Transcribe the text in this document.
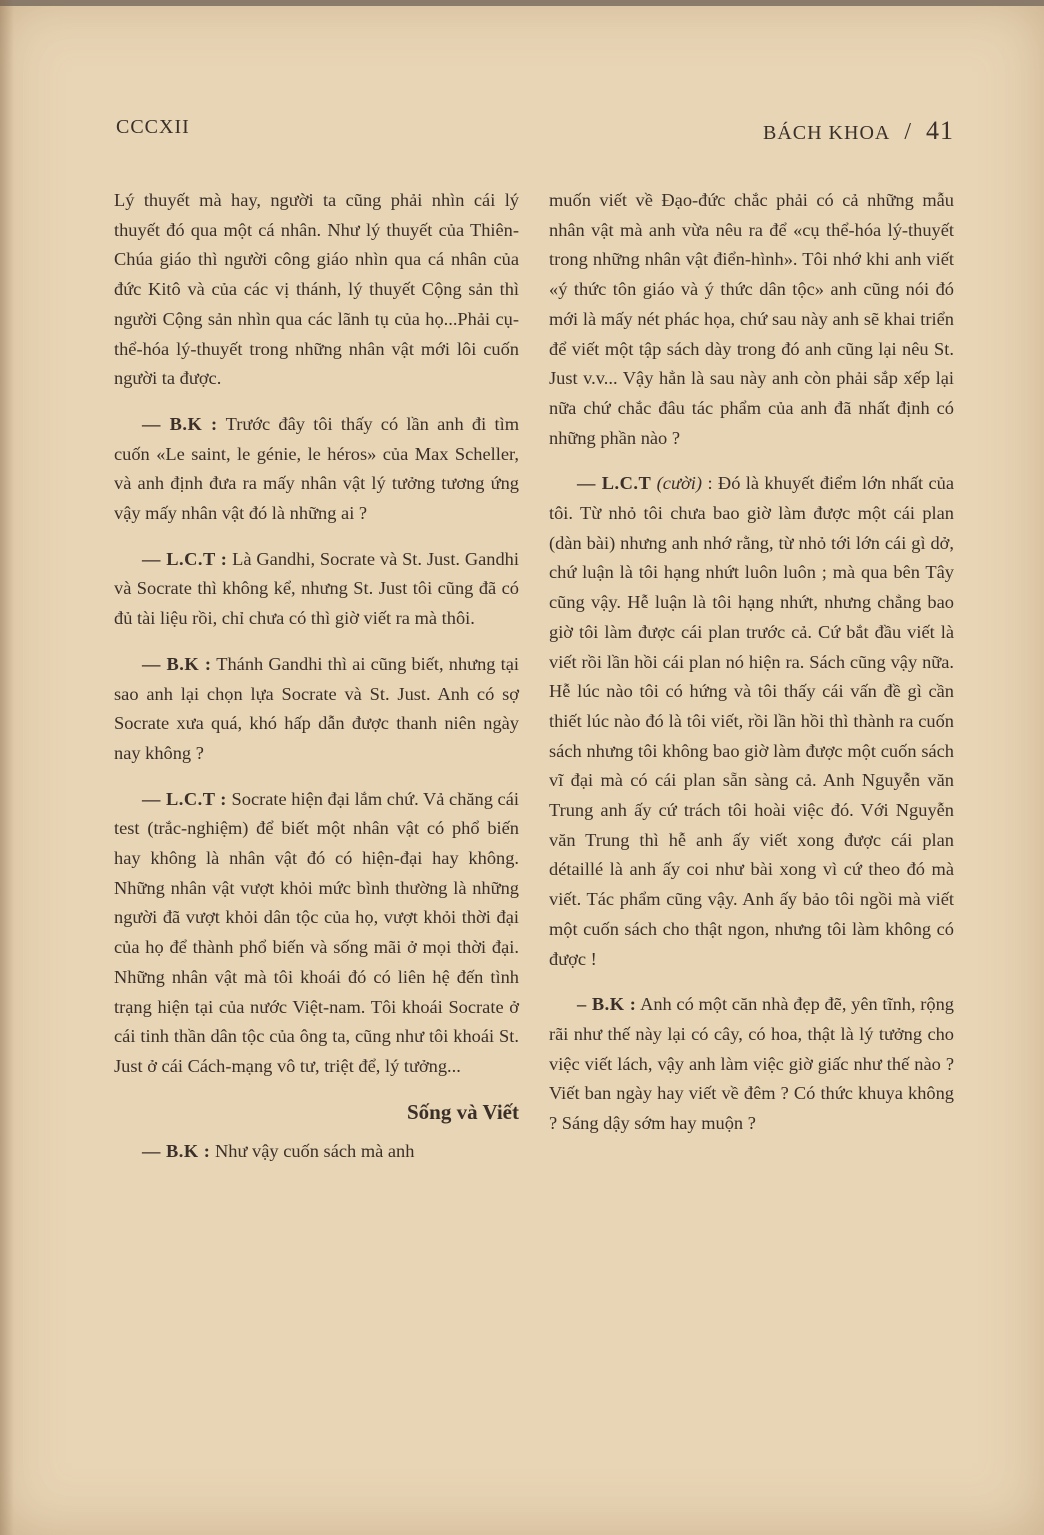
CCCXII	BÁCH KHOA / 41

Lý thuyết mà hay, người ta cũng phải nhìn cái lý thuyết đó qua một cá nhân. Như lý thuyết của Thiên-Chúa giáo thì người công giáo nhìn qua cá nhân của đức Kitô và của các vị thánh, lý thuyết Cộng sản thì người Cộng sản nhìn qua các lãnh tụ của họ...Phải cụ-thể-hóa lý-thuyết trong những nhân vật mới lôi cuốn người ta được.

— B.K : Trước đây tôi thấy có lần anh đi tìm cuốn «Le saint, le génie, le héros» của Max Scheller, và anh định đưa ra mấy nhân vật lý tưởng tương ứng vậy mấy nhân vật đó là những ai ?

— L.C.T : Là Gandhi, Socrate và St. Just. Gandhi và Socrate thì không kể, nhưng St. Just tôi cũng đã có đủ tài liệu rồi, chỉ chưa có thì giờ viết ra mà thôi.

— B.K : Thánh Gandhi thì ai cũng biết, nhưng tại sao anh lại chọn lựa Socrate và St. Just. Anh có sợ Socrate xưa quá, khó hấp dẫn được thanh niên ngày nay không ?

— L.C.T : Socrate hiện đại lắm chứ. Vả chăng cái test (trắc-nghiệm) để biết một nhân vật có phổ biến hay không là nhân vật đó có hiện-đại hay không. Những nhân vật vượt khỏi mức bình thường là những người đã vượt khỏi dân tộc của họ, vượt khỏi thời đại của họ để thành phổ biến và sống mãi ở mọi thời đại. Những nhân vật mà tôi khoái đó có liên hệ đến tình trạng hiện tại của nước Việt-nam. Tôi khoái Socrate ở cái tinh thần dân tộc của ông ta, cũng như tôi khoái St. Just ở cái Cách-mạng vô tư, triệt để, lý tưởng...

Sống và Viết

— B.K : Như vậy cuốn sách mà anh

muốn viết về Đạo-đức chắc phải có cả những mẫu nhân vật mà anh vừa nêu ra để «cụ thể-hóa lý-thuyết trong những nhân vật điển-hình». Tôi nhớ khi anh viết «ý thức tôn giáo và ý thức dân tộc» anh cũng nói đó mới là mấy nét phác họa, chứ sau này anh sẽ khai triển để viết một tập sách dày trong đó anh cũng lại nêu St. Just v.v... Vậy hẳn là sau này anh còn phải sắp xếp lại nữa chứ chắc đâu tác phẩm của anh đã nhất định có những phần nào ?

— L.C.T (cười) : Đó là khuyết điểm lớn nhất của tôi. Từ nhỏ tôi chưa bao giờ làm được một cái plan (dàn bài) nhưng anh nhớ rằng, từ nhỏ tới lớn cái gì dở, chứ luận là tôi hạng nhứt luôn luôn ; mà qua bên Tây cũng vậy. Hễ luận là tôi hạng nhứt, nhưng chẳng bao giờ tôi làm được cái plan trước cả. Cứ bắt đầu viết là viết rồi lần hồi cái plan nó hiện ra. Sách cũng vậy nữa. Hễ lúc nào tôi có hứng và tôi thấy cái vấn đề gì cần thiết lúc nào đó là tôi viết, rồi lần hồi thì thành ra cuốn sách nhưng tôi không bao giờ làm được một cuốn sách vĩ đại mà có cái plan sẵn sàng cả. Anh Nguyễn văn Trung anh ấy cứ trách tôi hoài việc đó. Với Nguyễn văn Trung thì hễ anh ấy viết xong được cái plan détaillé là anh ấy coi như bài xong vì cứ theo đó mà viết. Tác phẩm cũng vậy. Anh ấy bảo tôi ngồi mà viết một cuốn sách cho thật ngon, nhưng tôi làm không có được !

– B.K : Anh có một căn nhà đẹp đẽ, yên tĩnh, rộng rãi như thế này lại có cây, có hoa, thật là lý tưởng cho việc viết lách, vậy anh làm việc giờ giấc như thế nào ? Viết ban ngày hay viết về đêm ? Có thức khuya không ? Sáng dậy sớm hay muộn ?
